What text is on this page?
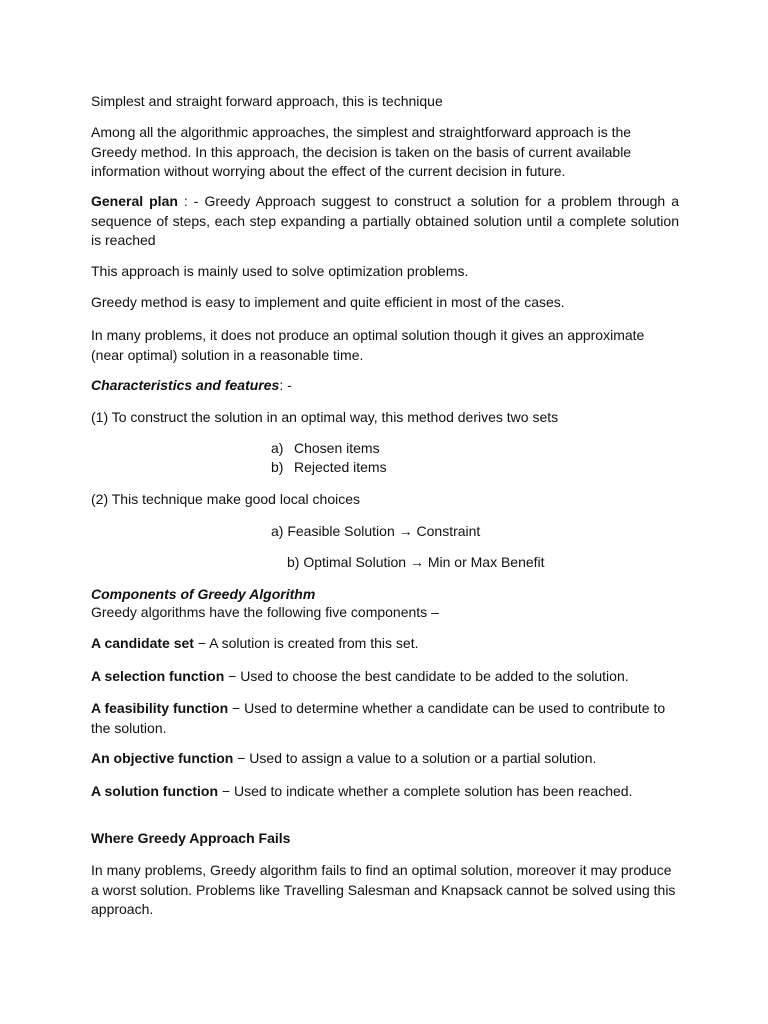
Simplest and straight forward approach, this is technique

Among all the algorithmic approaches, the simplest and straightforward approach is the Greedy method. In this approach, the decision is taken on the basis of current available information without worrying about the effect of the current decision in future.

General plan : - Greedy Approach suggest to construct a solution for a problem through a sequence of steps, each step expanding a partially obtained solution until a complete solution is reached

This approach is mainly used to solve optimization problems.

Greedy method is easy to implement and quite efficient in most of the cases.

In many problems, it does not produce an optimal solution though it gives an approximate (near optimal) solution in a reasonable time.

Characteristics and features: -

(1) To construct the solution in an optimal way, this method derives two sets

a) Chosen items

b) Rejected items

(2) This technique make good local choices

a) Feasible Solution → Constraint

b) Optimal Solution → Min or Max Benefit

Components of Greedy Algorithm

Greedy algorithms have the following five components –

A candidate set − A solution is created from this set.

A selection function − Used to choose the best candidate to be added to the solution.

A feasibility function − Used to determine whether a candidate can be used to contribute to the solution.

An objective function − Used to assign a value to a solution or a partial solution.

A solution function − Used to indicate whether a complete solution has been reached.

Where Greedy Approach Fails

In many problems, Greedy algorithm fails to find an optimal solution, moreover it may produce a worst solution. Problems like Travelling Salesman and Knapsack cannot be solved using this approach.
